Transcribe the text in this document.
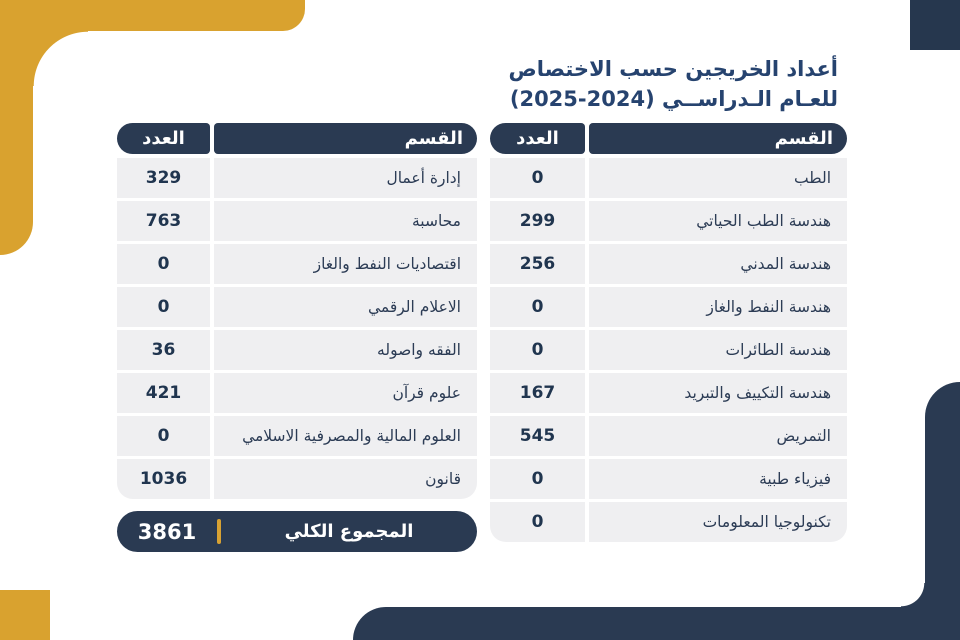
أعداد الخريجين حسب الاختصاص
للعـام الـدراســي (2025-2024)
العدد	القسم
0	الطب
299	هندسة الطب الحياتي
256	هندسة المدني
0	هندسة النفط والغاز
0	هندسة الطائرات
167	هندسة التكييف والتبريد
545	التمريض
0	فيزياء طبية
0	تكنولوجيا المعلومات
العدد	القسم
329	إدارة أعمال
763	محاسبة
0	اقتصاديات النفط والغاز
0	الاعلام الرقمي
36	الفقه واصوله
421	علوم قرآن
0	العلوم المالية والمصرفية الاسلامي
1036	قانون
3861	المجموع الكلي
